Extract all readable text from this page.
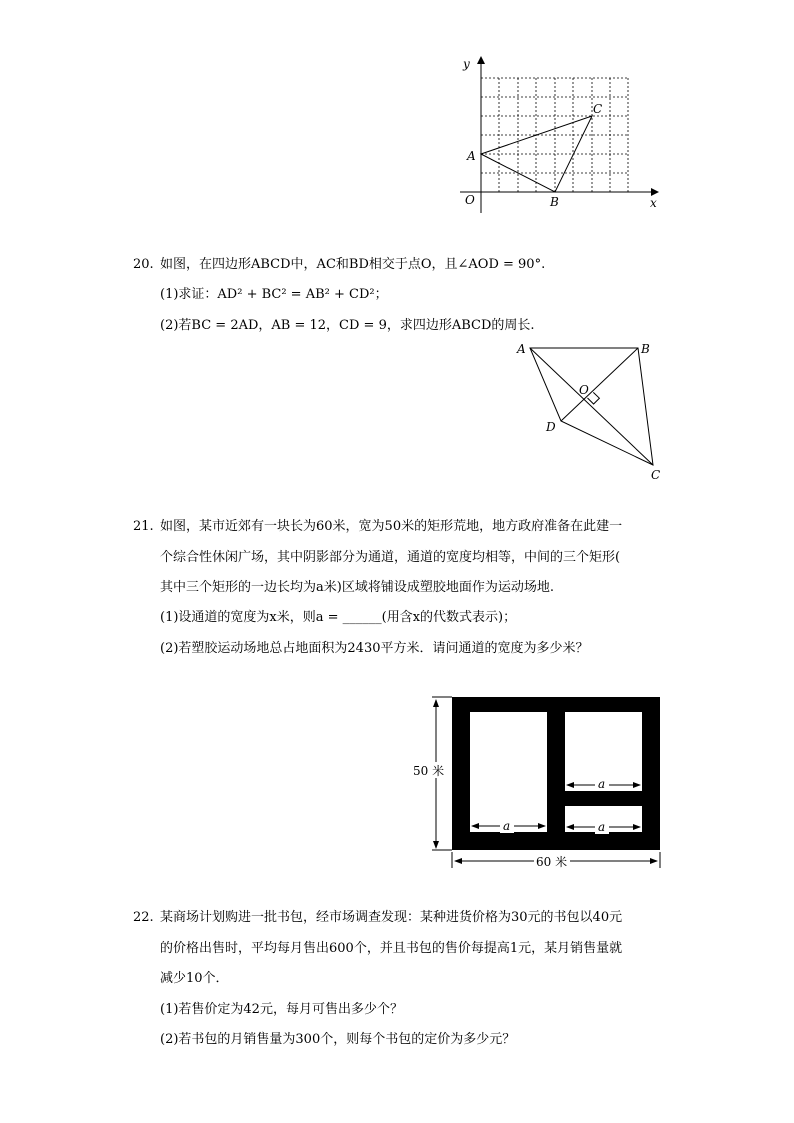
y
x
O
A
B
C
20. 如图，在四边形ABCD中，AC和BD相交于点O，且∠AOD = 90°.
(1)求证：AD² + BC² = AB² + CD²；
(2)若BC = 2AD，AB = 12，CD = 9，求四边形ABCD的周长.
A	B
C
D
O
21. 如图，某市近郊有一块长为60米，宽为50米的矩形荒地，地方政府准备在此建一
个综合性休闲广场，其中阴影部分为通道，通道的宽度均相等，中间的三个矩形(
其中三个矩形的一边长均为a米)区域将铺设成塑胶地面作为运动场地.
(1)设通道的宽度为x米，则a = ______(用含x的代数式表示)；
(2)若塑胶运动场地总占地面积为2430平方米．请问通道的宽度为多少米？
50 米
60 米
a
a
a
22. 某商场计划购进一批书包，经市场调查发现：某种进货价格为30元的书包以40元
的价格出售时，平均每月售出600个，并且书包的售价每提高1元，某月销售量就
减少10个．
(1)若售价定为42元，每月可售出多少个？
(2)若书包的月销售量为300个，则每个书包的定价为多少元？
